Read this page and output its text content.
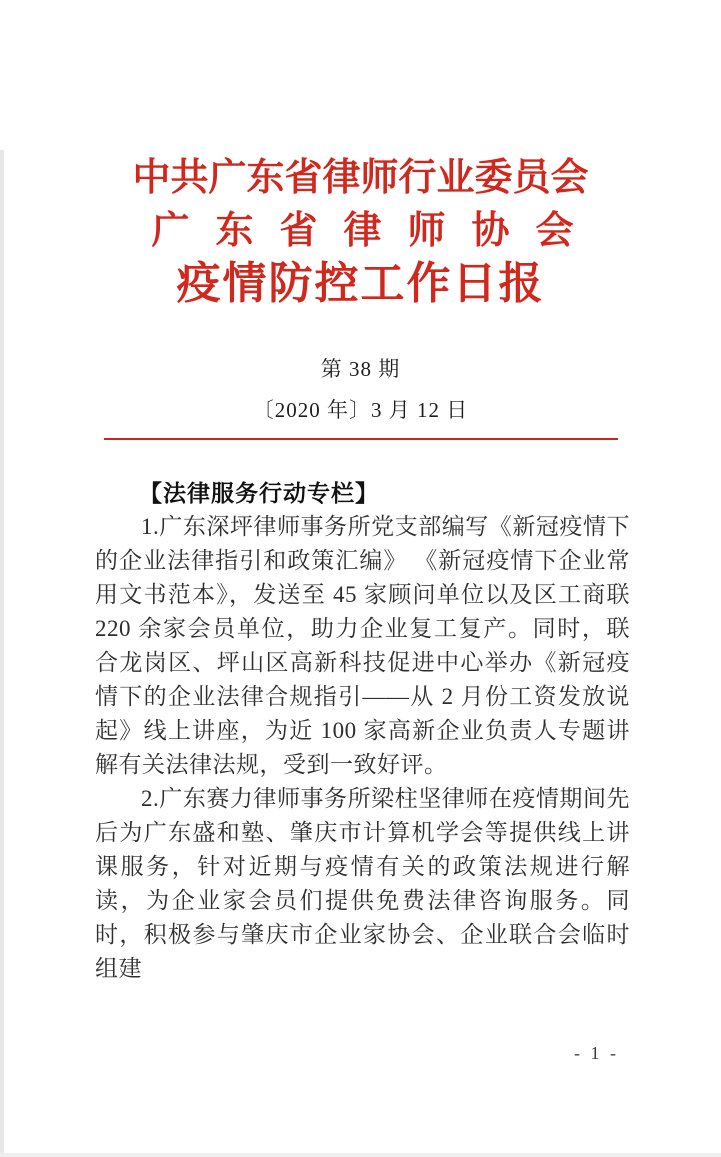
中共广东省律师行业委员会
广东省律师协会
疫情防控工作日报
第 38 期
〔2020 年〕3 月 12 日
【法律服务行动专栏】

1.广东深坪律师事务所党支部编写《新冠疫情下的企业法律指引和政策汇编》 《新冠疫情下企业常用文书范本》，发送至 45 家顾问单位以及区工商联 220 余家会员单位，助力企业复工复产。同时，联合龙岗区、坪山区高新科技促进中心举办《新冠疫情下的企业法律合规指引——从 2 月份工资发放说起》线上讲座，为近 100 家高新企业负责人专题讲解有关法律法规，受到一致好评。

2.广东赛力律师事务所梁柱坚律师在疫情期间先后为广东盛和塾、肇庆市计算机学会等提供线上讲课服务，针对近期与疫情有关的政策法规进行解读，为企业家会员们提供免费法律咨询服务。同时，积极参与肇庆市企业家协会、企业联合会临时组建

- 1 -
